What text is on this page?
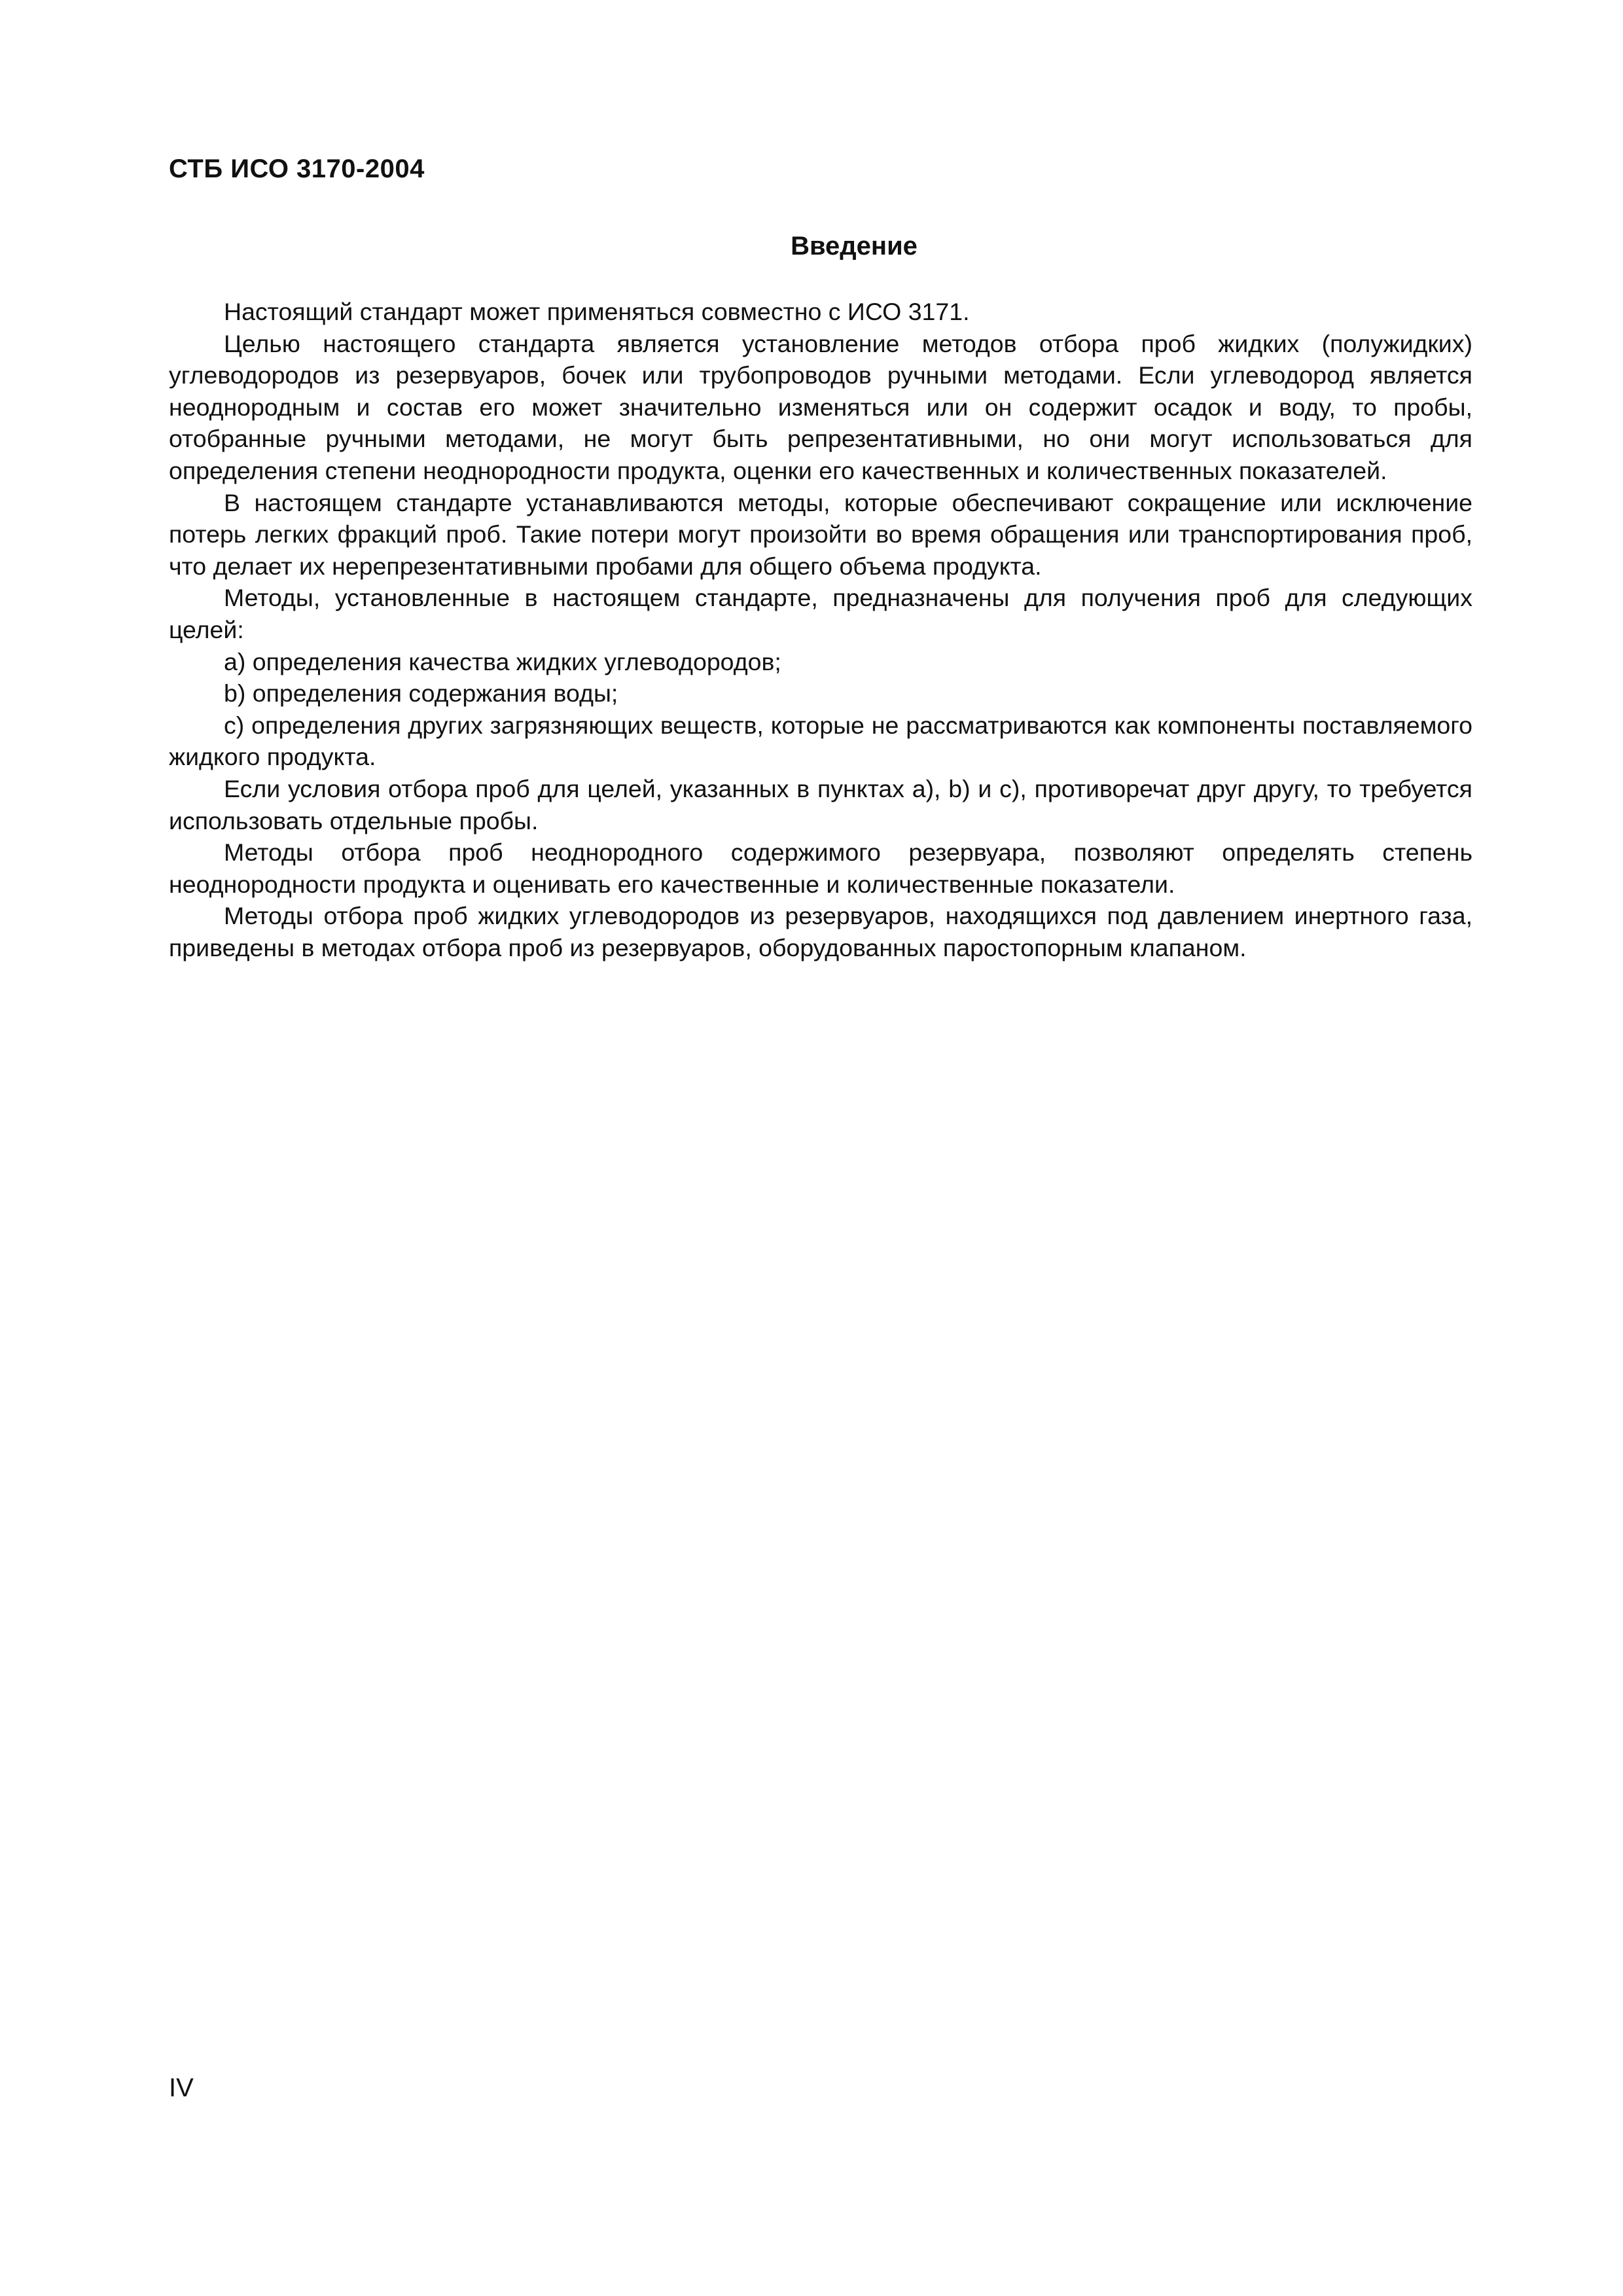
СТБ ИСО 3170-2004
Введение

Настоящий стандарт может применяться совместно с ИСО 3171.

Целью настоящего стандарта является установление методов отбора проб жидких (полужидких) углеводородов из резервуаров, бочек или трубопроводов ручными методами. Если углеводород является неоднородным и состав его может значительно изменяться или он содержит осадок и воду, то пробы, отобранные ручными методами, не могут быть репрезентативными, но они могут использоваться для определения степени неоднородности продукта, оценки его качественных и количественных показателей.

В настоящем стандарте устанавливаются методы, которые обеспечивают сокращение или исключение потерь легких фракций проб. Такие потери могут произойти во время обращения или транспортирования проб, что делает их нерепрезентативными пробами для общего объема продукта.

Методы, установленные в настоящем стандарте, предназначены для получения проб для следующих целей:

a) определения качества жидких углеводородов;

b) определения содержания воды;

c) определения других загрязняющих веществ, которые не рассматриваются как компоненты поставляемого жидкого продукта.

Если условия отбора проб для целей, указанных в пунктах a), b) и c), противоречат друг другу, то требуется использовать отдельные пробы.

Методы отбора проб неоднородного содержимого резервуара, позволяют определять степень неоднородности продукта и оценивать его качественные и количественные показатели.

Методы отбора проб жидких углеводородов из резервуаров, находящихся под давлением инертного газа, приведены в методах отбора проб из резервуаров, оборудованных паростопорным клапаном.

IV
